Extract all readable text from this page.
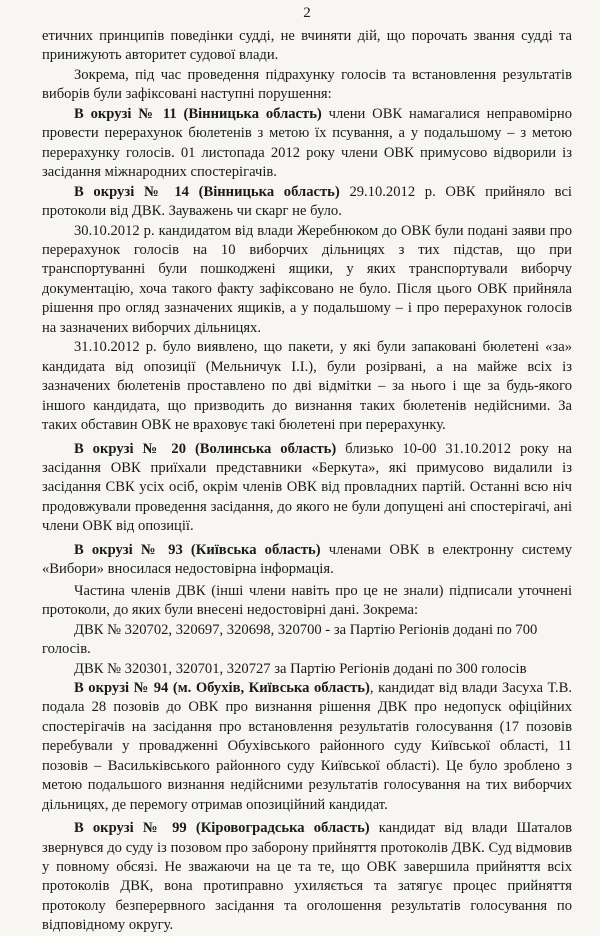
2

етичних принципів поведінки судді, не вчиняти дій, що порочать звання судді та принижують авторитет судової влади.

Зокрема, під час проведення підрахунку голосів та встановлення результатів виборів були зафіксовані наступні порушення:

В окрузі № 11 (Вінницька область) члени ОВК намагалися неправомірно провести перерахунок бюлетенів з метою їх псування, а у подальшому – з метою перерахунку голосів. 01 листопада 2012 року члени ОВК примусово відворили із засідання міжнародних спостерігачів.

В окрузі № 14 (Вінницька область) 29.10.2012 р. ОВК прийняло всі протоколи від ДВК. Зауважень чи скарг не було.

30.10.2012 р. кандидатом від влади Жеребнюком до ОВК були подані заяви про перерахунок голосів на 10 виборчих дільницях з тих підстав, що при транспортуванні були пошкоджені ящики, у яких транспортували виборчу документацію, хоча такого факту зафіксовано не було. Після цього ОВК прийняла рішення про огляд зазначених ящиків, а у подальшому – і про перерахунок голосів на зазначених виборчих дільницях.

31.10.2012 р. було виявлено, що пакети, у які були запаковані бюлетені «за» кандидата від опозиції (Мельничук І.І.), були розірвані, а на майже всіх із зазначених бюлетенів проставлено по дві відмітки – за нього і ще за будь-якого іншого кандидата, що призводить до визнання таких бюлетенів недійсними. За таких обставин ОВК не враховує такі бюлетені при перерахунку.

В окрузі № 20 (Волинська область) близько 10-00 31.10.2012 року на засідання ОВК приїхали представники «Беркута», які примусово видалили із засідання СВК усіх осіб, окрім членів ОВК від провладних партій. Останні всю ніч продовжували проведення засідання, до якого не були допущені ані спостерігачі, ані члени ОВК від опозиції.

В окрузі № 93 (Київська область) членами ОВК в електронну систему «Вибори» вносилася недостовірна інформація.

Частина членів ДВК (інші члени навіть про це не знали) підписали уточнені протоколи, до яких були внесені недостовірні дані. Зокрема:

ДВК № 320702, 320697, 320698, 320700 - за Партію Регіонів додані по 700 голосів.

ДВК № 320301, 320701, 320727 за Партію Регіонів додані по 300 голосів

В окрузі № 94 (м. Обухів, Київська область), кандидат від влади Засуха Т.В. подала 28 позовів до ОВК про визнання рішення ДВК про недопуск офіційних спостерігачів на засідання про встановлення результатів голосування (17 позовів перебували у провадженні Обухівського районного суду Київської області, 11 позовів – Васильківського районного суду Київської області). Це було зроблено з метою подальшого визнання недійсними результатів голосування на тих виборчих дільницях, де перемогу отримав опозиційний кандидат.

В окрузі № 99 (Кіровоградська область) кандидат від влади Шаталов звернувся до суду із позовом про заборону прийняття протоколів ДВК. Суд відмовив у повному обсязі. Не зважаючи на це та те, що ОВК завершила прийняття всіх протоколів ДВК, вона протиправно ухиляється та затягує процес прийняття протоколу безперервного засідання та оголошення результатів голосування по відповідному округу.
